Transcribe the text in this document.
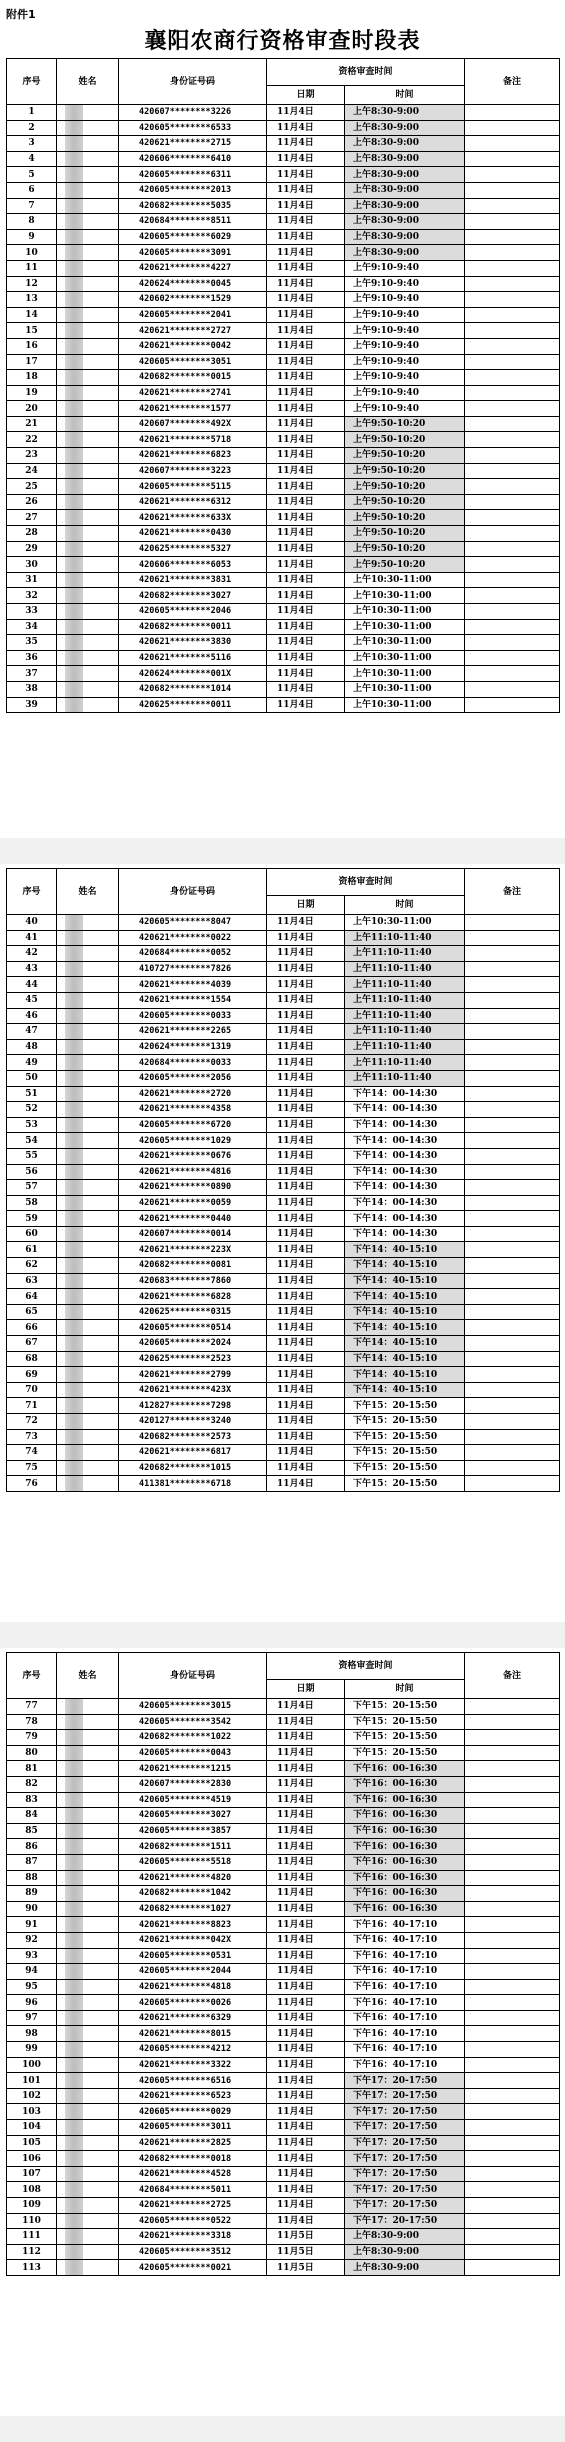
附件1
襄阳农商行资格审查时段表
序号	姓名	身份证号码	资格审查时间		备注
			日期	时间	
1		420607********3226	11月4日	上午8:30-9:00	
2		420605********6533	11月4日	上午8:30-9:00	
3		420621********2715	11月4日	上午8:30-9:00	
4		420606********6410	11月4日	上午8:30-9:00	
5		420605********6311	11月4日	上午8:30-9:00	
6		420605********2013	11月4日	上午8:30-9:00	
7		420682********5035	11月4日	上午8:30-9:00	
8		420684********8511	11月4日	上午8:30-9:00	
9		420605********6029	11月4日	上午8:30-9:00	
10		420605********3091	11月4日	上午8:30-9:00	
11		420621********4227	11月4日	上午9:10-9:40	
12		420624********0045	11月4日	上午9:10-9:40	
13		420602********1529	11月4日	上午9:10-9:40	
14		420605********2041	11月4日	上午9:10-9:40	
15		420621********2727	11月4日	上午9:10-9:40	
16		420621********0042	11月4日	上午9:10-9:40	
17		420605********3051	11月4日	上午9:10-9:40	
18		420682********0015	11月4日	上午9:10-9:40	
19		420621********2741	11月4日	上午9:10-9:40	
20		420621********1577	11月4日	上午9:10-9:40	
21		420607********492X	11月4日	上午9:50-10:20	
22		420621********5718	11月4日	上午9:50-10:20	
23		420621********6823	11月4日	上午9:50-10:20	
24		420607********3223	11月4日	上午9:50-10:20	
25		420605********5115	11月4日	上午9:50-10:20	
26		420621********6312	11月4日	上午9:50-10:20	
27		420621********633X	11月4日	上午9:50-10:20	
28		420621********0430	11月4日	上午9:50-10:20	
29		420625********5327	11月4日	上午9:50-10:20	
30		420606********6053	11月4日	上午9:50-10:20	
31		420621********3831	11月4日	上午10:30-11:00	
32		420682********3027	11月4日	上午10:30-11:00	
33		420605********2046	11月4日	上午10:30-11:00	
34		420682********0011	11月4日	上午10:30-11:00	
35		420621********3830	11月4日	上午10:30-11:00	
36		420621********5116	11月4日	上午10:30-11:00	
37		420624********001X	11月4日	上午10:30-11:00	
38		420682********1014	11月4日	上午10:30-11:00	
39		420625********0011	11月4日	上午10:30-11:00	
序号	姓名	身份证号码	资格审查时间		备注
			日期	时间	
40		420605********8047	11月4日	上午10:30-11:00	
41		420621********0022	11月4日	上午11:10-11:40	
42		420684********0052	11月4日	上午11:10-11:40	
43		410727********7826	11月4日	上午11:10-11:40	
44		420621********4039	11月4日	上午11:10-11:40	
45		420621********1554	11月4日	上午11:10-11:40	
46		420605********0033	11月4日	上午11:10-11:40	
47		420621********2265	11月4日	上午11:10-11:40	
48		420624********1319	11月4日	上午11:10-11:40	
49		420684********0033	11月4日	上午11:10-11:40	
50		420605********2056	11月4日	上午11:10-11:40	
51		420621********2720	11月4日	下午14：00-14:30	
52		420621********4358	11月4日	下午14：00-14:30	
53		420605********6720	11月4日	下午14：00-14:30	
54		420605********1029	11月4日	下午14：00-14:30	
55		420621********0676	11月4日	下午14：00-14:30	
56		420621********4816	11月4日	下午14：00-14:30	
57		420621********0890	11月4日	下午14：00-14:30	
58		420621********0059	11月4日	下午14：00-14:30	
59		420621********0440	11月4日	下午14：00-14:30	
60		420607********0014	11月4日	下午14：00-14:30	
61		420621********223X	11月4日	下午14：40-15:10	
62		420682********0081	11月4日	下午14：40-15:10	
63		420683********7860	11月4日	下午14：40-15:10	
64		420621********6828	11月4日	下午14：40-15:10	
65		420625********0315	11月4日	下午14：40-15:10	
66		420605********0514	11月4日	下午14：40-15:10	
67		420605********2024	11月4日	下午14：40-15:10	
68		420625********2523	11月4日	下午14：40-15:10	
69		420621********2799	11月4日	下午14：40-15:10	
70		420621********423X	11月4日	下午14：40-15:10	
71		412827********7298	11月4日	下午15：20-15:50	
72		420127********3240	11月4日	下午15：20-15:50	
73		420682********2573	11月4日	下午15：20-15:50	
74		420621********6817	11月4日	下午15：20-15:50	
75		420682********1015	11月4日	下午15：20-15:50	
76		411381********6718	11月4日	下午15：20-15:50	
序号	姓名	身份证号码	资格审查时间		备注
			日期	时间	
77		420605********3015	11月4日	下午15：20-15:50	
78		420605********3542	11月4日	下午15：20-15:50	
79		420682********1022	11月4日	下午15：20-15:50	
80		420605********0043	11月4日	下午15：20-15:50	
81		420621********1215	11月4日	下午16：00-16:30	
82		420607********2830	11月4日	下午16：00-16:30	
83		420605********4519	11月4日	下午16：00-16:30	
84		420605********3027	11月4日	下午16：00-16:30	
85		420605********3857	11月4日	下午16：00-16:30	
86		420682********1511	11月4日	下午16：00-16:30	
87		420605********5518	11月4日	下午16：00-16:30	
88		420621********4820	11月4日	下午16：00-16:30	
89		420682********1042	11月4日	下午16：00-16:30	
90		420682********1027	11月4日	下午16：00-16:30	
91		420621********8823	11月4日	下午16：40-17:10	
92		420621********042X	11月4日	下午16：40-17:10	
93		420605********0531	11月4日	下午16：40-17:10	
94		420605********2044	11月4日	下午16：40-17:10	
95		420621********4818	11月4日	下午16：40-17:10	
96		420605********0026	11月4日	下午16：40-17:10	
97		420621********6329	11月4日	下午16：40-17:10	
98		420621********8015	11月4日	下午16：40-17:10	
99		420605********4212	11月4日	下午16：40-17:10	
100		420621********3322	11月4日	下午16：40-17:10	
101		420605********6516	11月4日	下午17：20-17:50	
102		420621********6523	11月4日	下午17：20-17:50	
103		420605********0029	11月4日	下午17：20-17:50	
104		420605********3011	11月4日	下午17：20-17:50	
105		420621********2825	11月4日	下午17：20-17:50	
106		420682********0018	11月4日	下午17：20-17:50	
107		420621********4528	11月4日	下午17：20-17:50	
108		420684********5011	11月4日	下午17：20-17:50	
109		420621********2725	11月4日	下午17：20-17:50	
110		420605********0522	11月4日	下午17：20-17:50	
111		420621********3318	11月5日	上午8:30-9:00	
112		420605********3512	11月5日	上午8:30-9:00	
113		420605********0021	11月5日	上午8:30-9:00	
